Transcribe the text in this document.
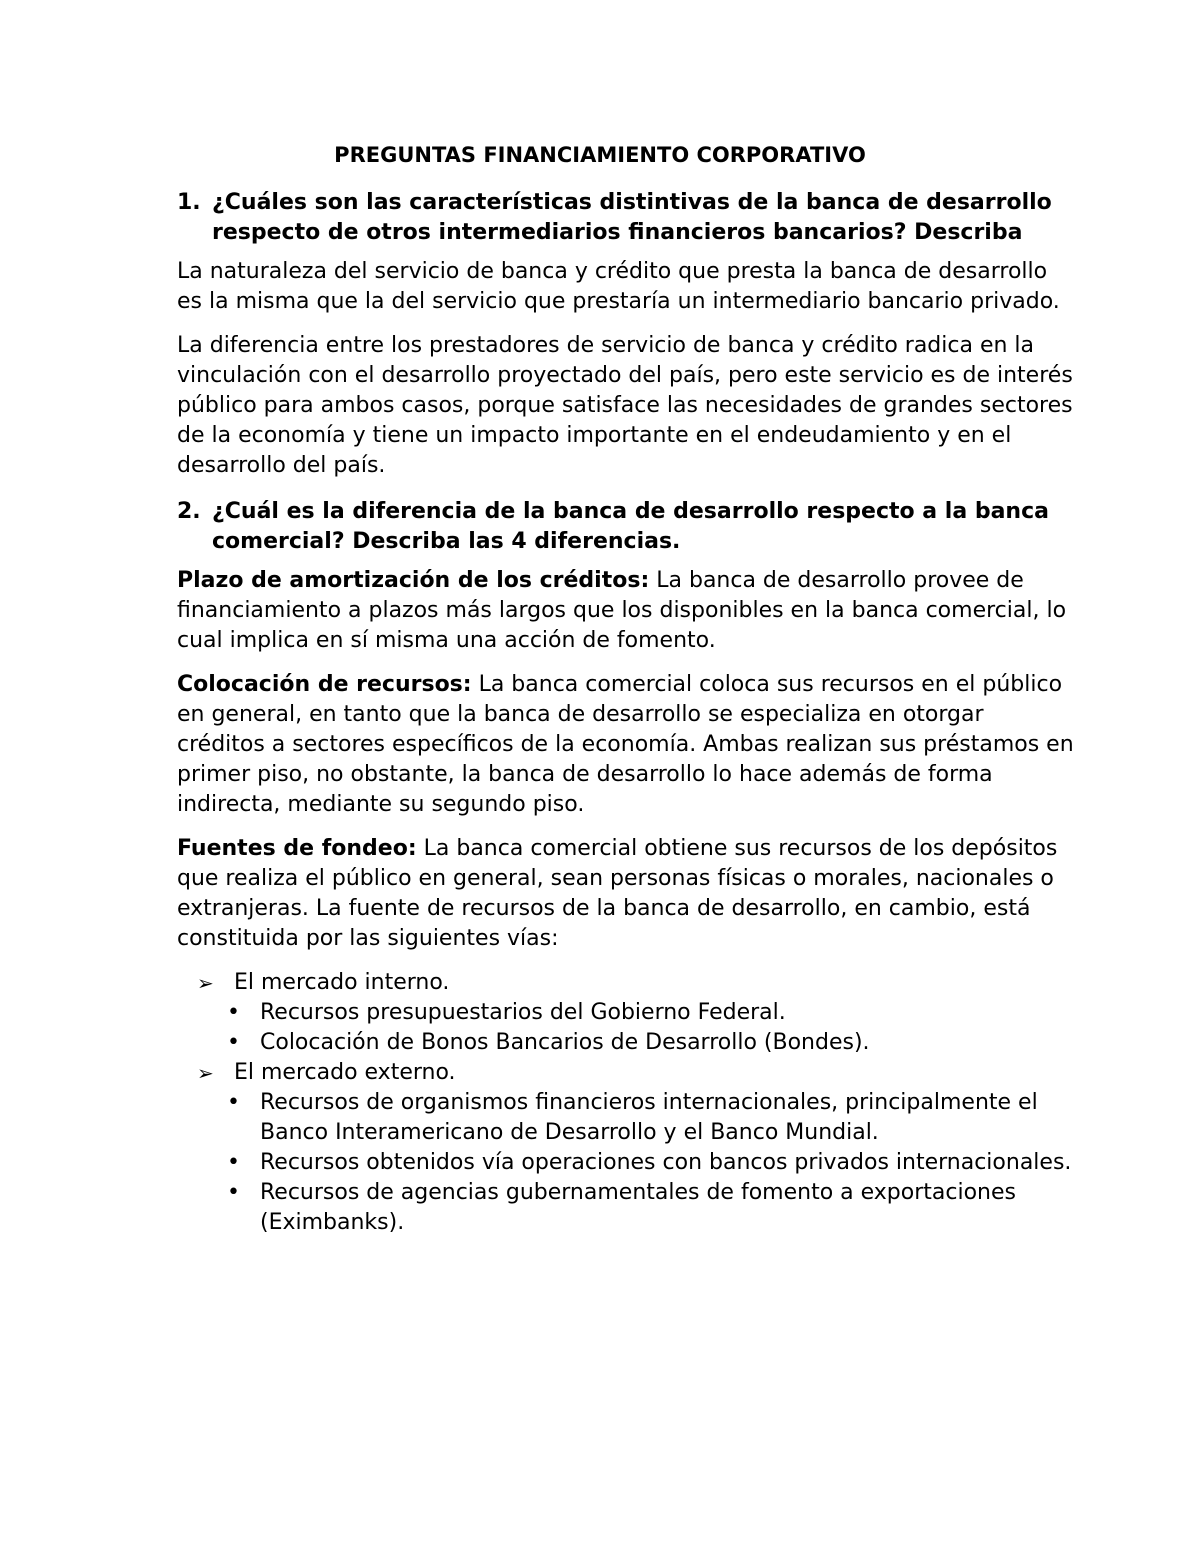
PREGUNTAS FINANCIAMIENTO CORPORATIVO
1. ¿Cuáles son las características distintivas de la banca de desarrollo respecto de otros intermediarios financieros bancarios? Describa

La naturaleza del servicio de banca y crédito que presta la banca de desarrollo es la misma que la del servicio que prestaría un intermediario bancario privado.

La diferencia entre los prestadores de servicio de banca y crédito radica en la vinculación con el desarrollo proyectado del país, pero este servicio es de interés público para ambos casos, porque satisface las necesidades de grandes sectores de la economía y tiene un impacto importante en el endeudamiento y en el desarrollo del país.

2. ¿Cuál es la diferencia de la banca de desarrollo respecto a la banca comercial? Describa las 4 diferencias.

Plazo de amortización de los créditos: La banca de desarrollo provee de financiamiento a plazos más largos que los disponibles en la banca comercial, lo cual implica en sí misma una acción de fomento.

Colocación de recursos: La banca comercial coloca sus recursos en el público en general, en tanto que la banca de desarrollo se especializa en otorgar créditos a sectores específicos de la economía. Ambas realizan sus préstamos en primer piso, no obstante, la banca de desarrollo lo hace además de forma indirecta, mediante su segundo piso.

Fuentes de fondeo: La banca comercial obtiene sus recursos de los depósitos que realiza el público en general, sean personas físicas o morales, nacionales o extranjeras. La fuente de recursos de la banca de desarrollo, en cambio, está constituida por las siguientes vías:

➢ El mercado interno.
• Recursos presupuestarios del Gobierno Federal.
• Colocación de Bonos Bancarios de Desarrollo (Bondes).
➢ El mercado externo.
• Recursos de organismos financieros internacionales, principalmente el Banco Interamericano de Desarrollo y el Banco Mundial.
• Recursos obtenidos vía operaciones con bancos privados internacionales.
• Recursos de agencias gubernamentales de fomento a exportaciones (Eximbanks).
